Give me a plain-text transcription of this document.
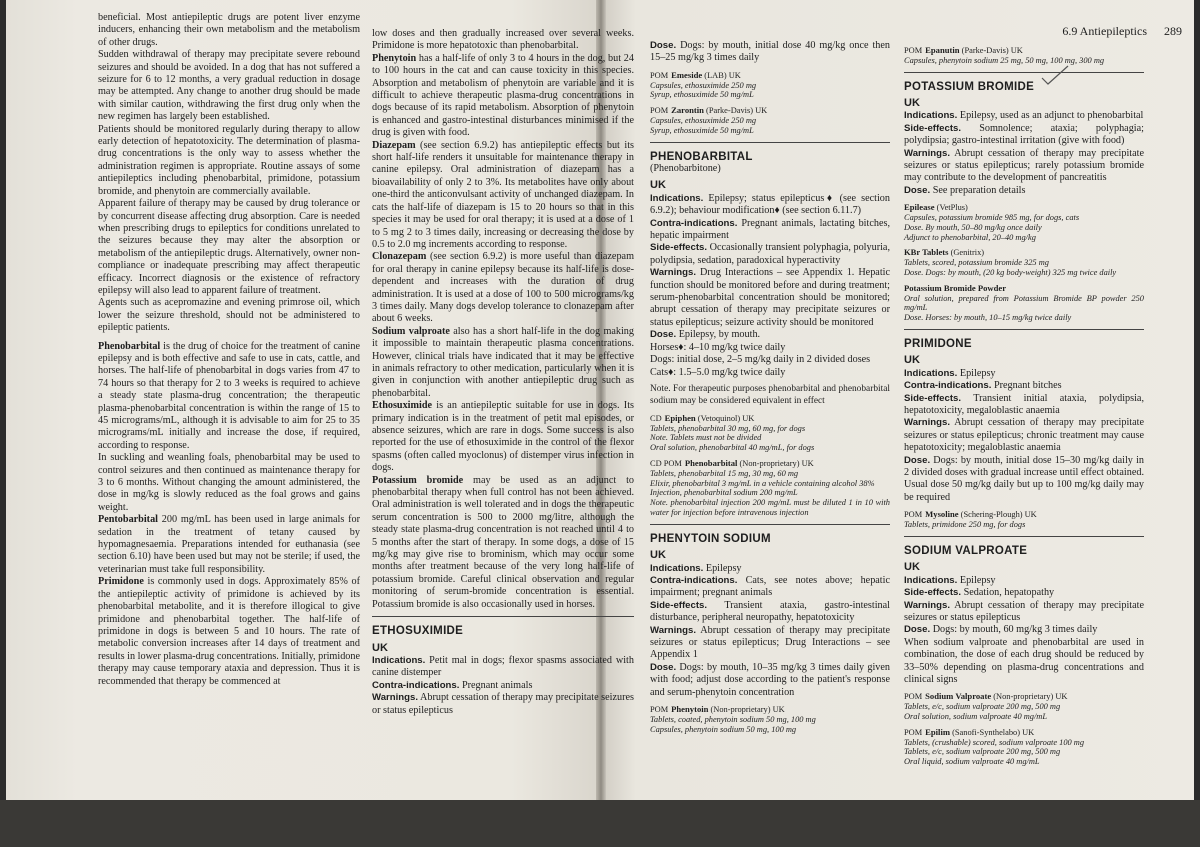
6.9 Antiepileptics 289

beneficial. Most antiepileptic drugs are potent liver enzyme inducers, enhancing their own metabolism and the metabolism of other drugs.

Sudden withdrawal of therapy may precipitate severe rebound seizures and should be avoided. In a dog that has not suffered a seizure for 6 to 12 months, a very gradual reduction in dosage may be attempted. Any change to another drug should be made with similar caution, withdrawing the first drug only when the new regimen has largely been established.

Patients should be monitored regularly during therapy to allow early detection of hepatotoxicity. The determination of plasma-drug concentrations is the only way to assess whether the administration regimen is appropriate. Routine assays of some antiepileptics including phenobarbital, primidone, potassium bromide, and phenytoin are commercially available.

Apparent failure of therapy may be caused by drug tolerance or by concurrent disease affecting drug absorption. Care is needed when prescribing drugs to epileptics for conditions unrelated to the seizures because they may alter the absorption or metabolism of the antiepileptic drugs. Alternatively, owner non-compliance or inadequate prescribing may affect therapeutic efficacy. Incorrect diagnosis or the existence of refractory epilepsy will also lead to apparent failure of treatment.

Agents such as acepromazine and evening primrose oil, which lower the seizure threshold, should not be administered to epileptic patients.

Phenobarbital is the drug of choice for the treatment of canine epilepsy and is both effective and safe to use in cats, cattle, and horses. The half-life of phenobarbital in dogs varies from 47 to 74 hours so that therapy for 2 to 3 weeks is required to achieve a steady state plasma-drug concentration; the therapeutic plasma-phenobarbital concentration is within the range of 15 to 45 micrograms/mL, although it is advisable to aim for 25 to 35 micrograms/mL initially and increase the dose, if required, according to response.

In suckling and weanling foals, phenobarbital may be used to control seizures and then continued as maintenance therapy for 3 to 6 months. Without changing the amount administered, the dose in mg/kg is slowly reduced as the foal grows and gains weight.

Pentobarbital 200 mg/mL has been used in large animals for sedation in the treatment of tetany caused by hypomagnesaemia. Preparations intended for euthanasia (see section 6.10) have been used but may not be sterile; if used, the veterinarian must take full responsibility.

Primidone is commonly used in dogs. Approximately 85% of the antiepileptic activity of primidone is achieved by its phenobarbital metabolite, and it is therefore illogical to give primidone and phenobarbital together. The half-life of primidone in dogs is between 5 and 10 hours. The rate of metabolic conversion increases after 14 days of treatment and results in lower plasma-drug concentrations. Initially, primidone therapy may cause temporary ataxia and depression. Thus it is recommended that therapy be commenced at

low doses and then gradually increased over several weeks. Primidone is more hepatotoxic than phenobarbital.

Phenytoin has a half-life of only 3 to 4 hours in the dog, but 24 to 100 hours in the cat and can cause toxicity in this species. Absorption and metabolism of phenytoin are variable and it is difficult to achieve therapeutic plasma-drug concentrations in dogs because of its rapid metabolism. Absorption of phenytoin is enhanced and gastro-intestinal disturbances minimised if the drug is given with food.

Diazepam (see section 6.9.2) has antiepileptic effects but its short half-life renders it unsuitable for maintenance therapy in canine epilepsy. Oral administration of diazepam has a bioavailability of only 2 to 3%. Its metabolites have only about one-third the anticonvulsant activity of unchanged diazepam. In cats the half-life of diazepam is 15 to 20 hours so that in this species it may be used for oral therapy; it is used at a dose of 1 to 5 mg 2 to 3 times daily, increasing or decreasing the dose by 0.5 to 2.0 mg increments according to response.

Clonazepam (see section 6.9.2) is more useful than diazepam for oral therapy in canine epilepsy because its half-life is dose-dependent and increases with the duration of drug administration. It is used at a dose of 100 to 500 micrograms/kg 3 times daily. Many dogs develop tolerance to clonazepam after about 6 weeks.

Sodium valproate also has a short half-life in the dog making it impossible to maintain therapeutic plasma concentrations. However, clinical trials have indicated that it may be effective in animals refractory to other medication, particularly when it is given in conjunction with another antiepileptic drug such as phenobarbital.

Ethosuximide is an antiepileptic suitable for use in dogs. Its primary indication is in the treatment of petit mal episodes, or absence seizures, which are rare in dogs. Some success is also reported for the use of ethosuximide in the control of the flexor spasms (often called myoclonus) of distemper virus infection in dogs.

Potassium bromide may be used as an adjunct to phenobarbital therapy when full control has not been achieved. Oral administration is well tolerated and in dogs the therapeutic serum concentration is 500 to 2000 mg/litre, although the steady state plasma-drug concentration is not reached until 4 to 5 months after the start of therapy. In some dogs, a dose of 15 mg/kg may give rise to brominism, which may occur some months after treatment because of the very long half-life of potassium bromide. Careful clinical observation and regular monitoring of serum-bromide concentration is essential. Potassium bromide is also occasionally used in horses.

ETHOSUXIMIDE
UK

Indications. Petit mal in dogs; flexor spasms associated with canine distemper

Contra-indications. Pregnant animals

Warnings. Abrupt cessation of therapy may precipitate seizures or status epilepticus

Dose. Dogs: by mouth, initial dose 40 mg/kg once then 15–25 mg/kg 3 times daily

POM Emeside (LAB) UK
Capsules, ethosuximide 250 mg
Syrup, ethosuximide 50 mg/mL

POM Zarontin (Parke-Davis) UK
Capsules, ethosuximide 250 mg
Syrup, ethosuximide 50 mg/mL

PHENOBARBITAL

(Phenobarbitone)

UK

Indications. Epilepsy; status epilepticus♦ (see section 6.9.2); behaviour modification♦ (see section 6.11.7)

Contra-indications. Pregnant animals, lactating bitches, hepatic impairment

Side-effects. Occasionally transient polyphagia, polyuria, polydipsia, sedation, paradoxical hyperactivity

Warnings. Drug Interactions – see Appendix 1. Hepatic function should be monitored before and during treatment; serum-phenobarbital concentration should be monitored; abrupt cessation of therapy may precipitate seizures or status epilepticus; seizure activity should be monitored

Dose. Epilepsy, by mouth.

Horses♦: 4–10 mg/kg twice daily

Dogs: initial dose, 2–5 mg/kg daily in 2 divided doses

Cats♦: 1.5–5.0 mg/kg twice daily

Note. For therapeutic purposes phenobarbital and phenobarbital sodium may be considered equivalent in effect

CD Epiphen (Vetoquinol) UK
Tablets, phenobarbital 30 mg, 60 mg, for dogs
Note. Tablets must not be divided
Oral solution, phenobarbital 40 mg/mL, for dogs

CD POM Phenobarbital (Non-proprietary) UK
Tablets, phenobarbital 15 mg, 30 mg, 60 mg
Elixir, phenobarbital 3 mg/mL in a vehicle containing alcohol 38%
Injection, phenobarbital sodium 200 mg/mL
Note. phenobarbital injection 200 mg/mL must be diluted 1 in 10 with water for injection before intravenous injection

PHENYTOIN SODIUM
UK

Indications. Epilepsy

Contra-indications. Cats, see notes above; hepatic impairment; pregnant animals

Side-effects. Transient ataxia, gastro-intestinal disturbance, peripheral neuropathy, hepatotoxicity

Warnings. Abrupt cessation of therapy may precipitate seizures or status epilepticus; Drug Interactions – see Appendix 1

Dose. Dogs: by mouth, 10–35 mg/kg 3 times daily given with food; adjust dose according to the patient's response and serum-phenytoin concentration

POM Phenytoin (Non-proprietary) UK
Tablets, coated, phenytoin sodium 50 mg, 100 mg
Capsules, phenytoin sodium 50 mg, 100 mg

POM Epanutin (Parke-Davis) UK
Capsules, phenytoin sodium 25 mg, 50 mg, 100 mg, 300 mg

POTASSIUM BROMIDE
UK

Indications. Epilepsy, used as an adjunct to phenobarbital

Side-effects. Somnolence; ataxia; polyphagia; polydipsia; gastro-intestinal irritation (give with food)

Warnings. Abrupt cessation of therapy may precipitate seizures or status epilepticus; rarely potassium bromide may contribute to the development of pancreatitis

Dose. See preparation details

Epilease (VetPlus)
Capsules, potassium bromide 985 mg, for dogs, cats
Dose. By mouth, 50–80 mg/kg once daily
Adjunct to phenobarbital, 20–40 mg/kg

KBr Tablets (Genitrix)
Tablets, scored, potassium bromide 325 mg
Dose. Dogs: by mouth, (20 kg body-weight) 325 mg twice daily

Potassium Bromide Powder
Oral solution, prepared from Potassium Bromide BP powder 250 mg/mL
Dose. Horses: by mouth, 10–15 mg/kg twice daily

PRIMIDONE
UK

Indications. Epilepsy

Contra-indications. Pregnant bitches

Side-effects. Transient initial ataxia, polydipsia, hepatotoxicity, megaloblastic anaemia

Warnings. Abrupt cessation of therapy may precipitate seizures or status epilepticus; chronic treatment may cause hepatotoxicity; megaloblastic anaemia

Dose. Dogs: by mouth, initial dose 15–30 mg/kg daily in 2 divided doses with gradual increase until effect obtained. Usual dose 50 mg/kg daily but up to 100 mg/kg daily may be required

POM Mysoline (Schering-Plough) UK
Tablets, primidone 250 mg, for dogs

SODIUM VALPROATE
UK

Indications. Epilepsy

Side-effects. Sedation, hepatopathy

Warnings. Abrupt cessation of therapy may precipitate seizures or status epilepticus

Dose. Dogs: by mouth, 60 mg/kg 3 times daily

When sodium valproate and phenobarbital are used in combination, the dose of each drug should be reduced by 33–50% depending on plasma-drug concentrations and clinical signs

POM Sodium Valproate (Non-proprietary) UK
Tablets, e/c, sodium valproate 200 mg, 500 mg
Oral solution, sodium valproate 40 mg/mL

POM Epilim (Sanofi-Synthelabo) UK
Tablets, (crushable) scored, sodium valproate 100 mg
Tablets, e/c, sodium valproate 200 mg, 500 mg
Oral liquid, sodium valproate 40 mg/mL
